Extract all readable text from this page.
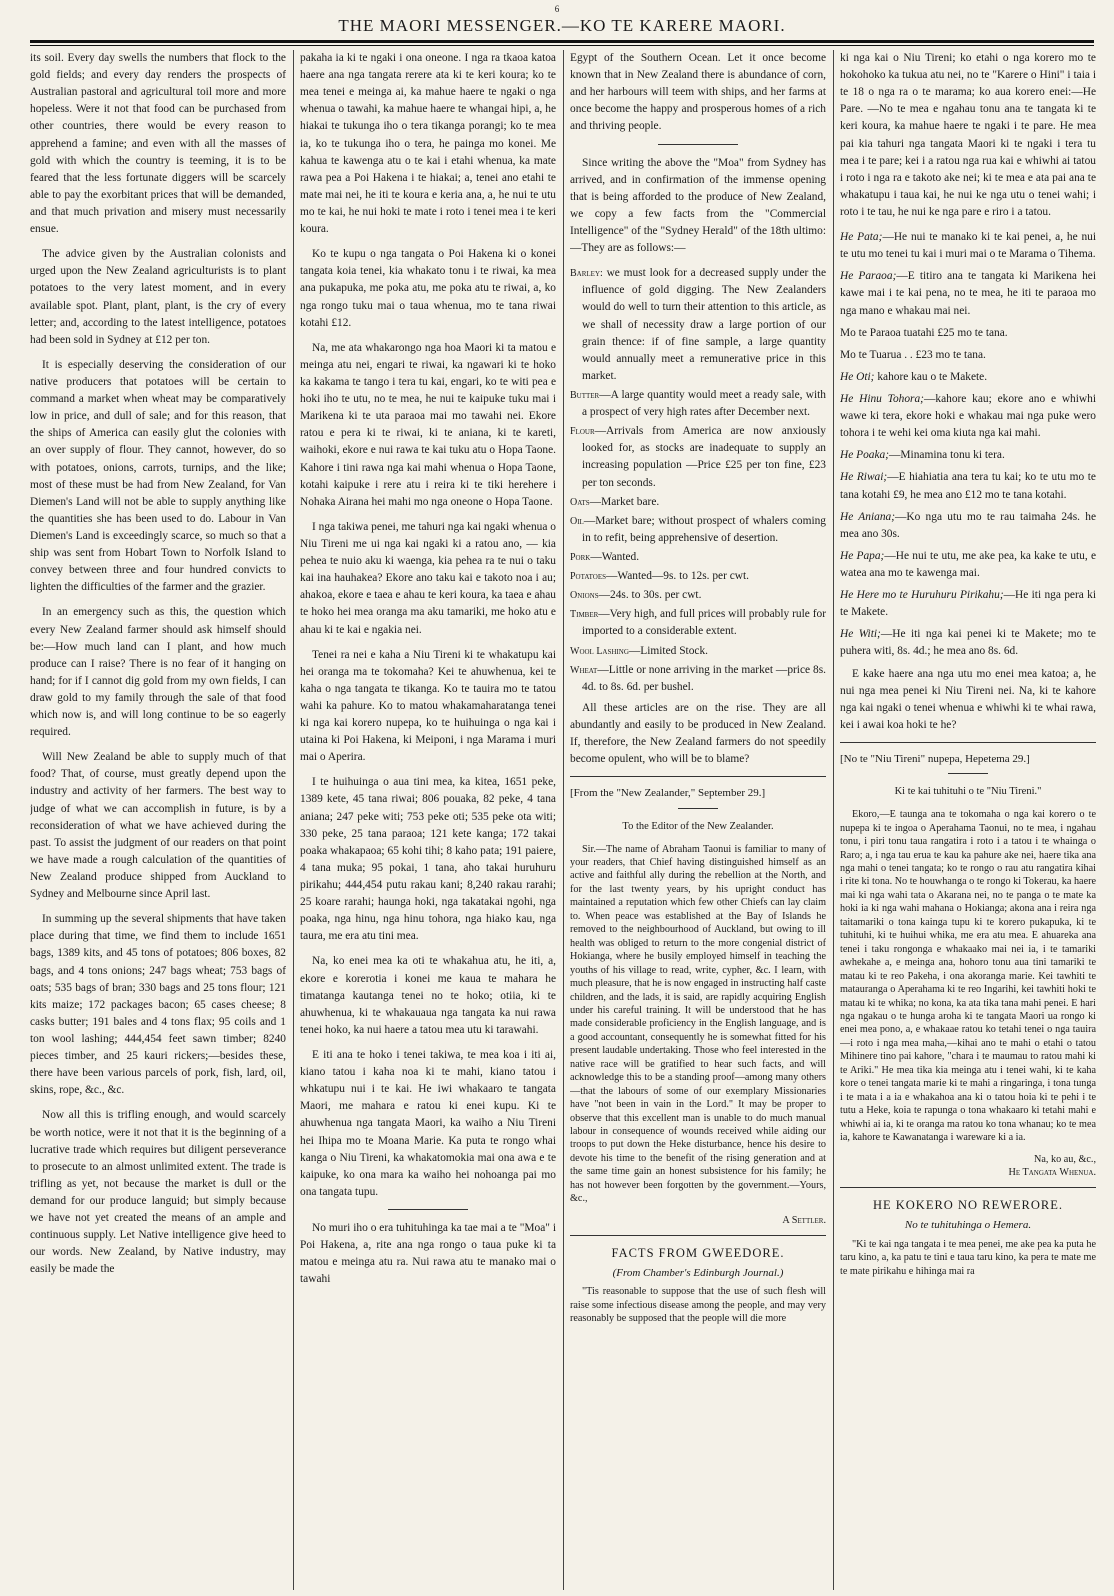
6
THE MAORI MESSENGER.—KO TE KARERE MAORI.

its soil. Every day swells the numbers that flock to the gold fields; and every day renders the prospects of Australian pastoral and agricultural toil more and more hopeless. Were it not that food can be purchased from other countries, there would be every reason to apprehend a famine; and even with all the masses of gold with which the country is teeming, it is to be feared that the less fortunate diggers will be scarcely able to pay the exorbitant prices that will be demanded, and that much privation and misery must necessarily ensue.

The advice given by the Australian colonists and urged upon the New Zealand agriculturists is to plant potatoes to the very latest moment, and in every available spot. Plant, plant, plant, is the cry of every letter; and, according to the latest intelligence, potatoes had been sold in Sydney at £12 per ton.

It is especially deserving the consideration of our native producers that potatoes will be certain to command a market when wheat may be comparatively low in price, and dull of sale; and for this reason, that the ships of America can easily glut the colonies with an over supply of flour. They cannot, however, do so with potatoes, onions, carrots, turnips, and the like; most of these must be had from New Zealand, for Van Diemen's Land will not be able to supply anything like the quantities she has been used to do. Labour in Van Diemen's Land is exceedingly scarce, so much so that a ship was sent from Hobart Town to Norfolk Island to convey between three and four hundred convicts to lighten the difficulties of the farmer and the grazier.

In an emergency such as this, the question which every New Zealand farmer should ask himself should be:—How much land can I plant, and how much produce can I raise? There is no fear of it hanging on hand; for if I cannot dig gold from my own fields, I can draw gold to my family through the sale of that food which now is, and will long continue to be so eagerly required.

Will New Zealand be able to supply much of that food? That, of course, must greatly depend upon the industry and activity of her farmers. The best way to judge of what we can accomplish in future, is by a reconsideration of what we have achieved during the past. To assist the judgment of our readers on that point we have made a rough calculation of the quantities of New Zealand produce shipped from Auckland to Sydney and Melbourne since April last.

In summing up the several shipments that have taken place during that time, we find them to include 1651 bags, 1389 kits, and 45 tons of potatoes; 806 boxes, 82 bags, and 4 tons onions; 247 bags wheat; 753 bags of oats; 535 bags of bran; 330 bags and 25 tons flour; 121 kits maize; 172 packages bacon; 65 cases cheese; 8 casks butter; 191 bales and 4 tons flax; 95 coils and 1 ton wool lashing; 444,454 feet sawn timber; 8240 pieces timber, and 25 kauri rickers;—besides these, there have been various parcels of pork, fish, lard, oil, skins, rope, &c., &c.

Now all this is trifling enough, and would scarcely be worth notice, were it not that it is the beginning of a lucrative trade which requires but diligent perseverance to prosecute to an almost unlimited extent. The trade is trifling as yet, not because the market is dull or the demand for our produce languid; but simply because we have not yet created the means of an ample and continuous supply. Let Native intelligence give heed to our words. New Zealand, by Native industry, may easily be made the

pakaha ia ki te ngaki i ona oneone. I nga ra tkaoa katoa haere ana nga tangata rerere ata ki te keri koura; ko te mea tenei e meinga ai, ka mahue haere te ngaki o nga whenua o tawahi, ka mahue haere te whangai hipi, a, he hiakai te tukunga iho o tera tikanga porangi; ko te mea ia, ko te tukunga iho o tera, he painga mo konei. Me kahua te kawenga atu o te kai i etahi whenua, ka mate rawa pea a Poi Hakena i te hiakai; a, tenei ano etahi te mate mai nei, he iti te koura e keria ana, a, he nui te utu mo te kai, he nui hoki te mate i roto i tenei mea i te keri koura.

Ko te kupu o nga tangata o Poi Hakena ki o konei tangata koia tenei, kia whakato tonu i te riwai, ka mea ana pukapuka, me poka atu, me poka atu te riwai, a, ko nga rongo tuku mai o taua whenua, mo te tana riwai kotahi £12.

Na, me ata whakarongo nga hoa Maori ki ta matou e meinga atu nei, engari te riwai, ka ngawari ki te hoko ka kakama te tango i tera tu kai, engari, ko te witi pea e hoki iho te utu, no te mea, he nui te kaipuke tuku mai i Marikena ki te uta paraoa mai mo tawahi nei. Ekore ratou e pera ki te riwai, ki te aniana, ki te kareti, waihoki, ekore e nui rawa te kai tuku atu o Hopa Taone. Kahore i tini rawa nga kai mahi whenua o Hopa Taone, kotahi kaipuke i rere atu i reira ki te tiki herehere i Nohaka Airana hei mahi mo nga oneone o Hopa Taone.

I nga takiwa penei, me tahuri nga kai ngaki whenua o Niu Tireni me ui nga kai ngaki ki a ratou ano, — kia pehea te nuio aku ki waenga, kia pehea ra te nui o taku kai ina hauhakea? Ekore ano taku kai e takoto noa i au; ahakoa, ekore e taea e ahau te keri koura, ka taea e ahau te hoko hei mea oranga ma aku tamariki, me hoko atu e ahau ki te kai e ngakia nei.

Tenei ra nei e kaha a Niu Tireni ki te whakatupu kai hei oranga ma te tokomaha? Kei te ahuwhenua, kei te kaha o nga tangata te tikanga. Ko te tauira mo te tatou wahi ka pahure. Ko to matou whakamaharatanga tenei ki nga kai korero nupepa, ko te huihuinga o nga kai i utaina ki Poi Hakena, ki Meiponi, i nga Marama i muri mai o Aperira.

I te huihuinga o aua tini mea, ka kitea, 1651 peke, 1389 kete, 45 tana riwai; 806 pouaka, 82 peke, 4 tana aniana; 247 peke witi; 753 peke oti; 535 peke ota witi; 330 peke, 25 tana paraoa; 121 kete kanga; 172 takai poaka whakapaoa; 65 kohi tihi; 8 kaho pata; 191 paiere, 4 tana muka; 95 pokai, 1 tana, aho takai huruhuru pirikahu; 444,454 putu rakau kani; 8,240 rakau rarahi; 25 koare rarahi; haunga hoki, nga takatakai ngohi, nga poaka, nga hinu, nga hinu tohora, nga hiako kau, nga taura, me era atu tini mea.

Na, ko enei mea ka oti te whakahua atu, he iti, a, ekore e korerotia i konei me kaua te mahara he timatanga kautanga tenei no te hoko; otiia, ki te ahuwhenua, ki te whakauaua nga tangata ka nui rawa tenei hoko, ka nui haere a tatou mea utu ki tarawahi.

E iti ana te hoko i tenei takiwa, te mea koa i iti ai, kiano tatou i kaha noa ki te mahi, kiano tatou i whkatupu nui i te kai. He iwi whakaaro te tangata Maori, me mahara e ratou ki enei kupu. Ki te ahuwhenua nga tangata Maori, ka waiho a Niu Tireni hei Ihipa mo te Moana Marie. Ka puta te rongo whai kanga o Niu Tireni, ka whakatomokia mai ona awa e te kaipuke, ko ona mara ka waiho hei nohoanga pai mo ona tangata tupu.

No muri iho o era tuhituhinga ka tae mai a te "Moa" i Poi Hakena, a, rite ana nga rongo o taua puke ki ta matou e meinga atu ra. Nui rawa atu te manako mai o tawahi

Egypt of the Southern Ocean. Let it once become known that in New Zealand there is abundance of corn, and her harbours will teem with ships, and her farms at once become the happy and prosperous homes of a rich and thriving people.

Since writing the above the "Moa" from Sydney has arrived, and in confirmation of the immense opening that is being afforded to the produce of New Zealand, we copy a few facts from the "Commercial Intelligence" of the "Sydney Herald" of the 18th ultimo:—They are as follows:—

Barley: we must look for a decreased supply under the influence of gold digging. The New Zealanders would do well to turn their attention to this article, as we shall of necessity draw a large portion of our grain thence: if of fine sample, a large quantity would annually meet a remunerative price in this market.

Butter—A large quantity would meet a ready sale, with a prospect of very high rates after December next.

Flour—Arrivals from America are now anxiously looked for, as stocks are inadequate to supply an increasing population —Price £25 per ton fine, £23 per ton seconds.

Oats—Market bare.

Oil—Market bare; without prospect of whalers coming in to refit, being apprehensive of desertion.

Pork—Wanted.

Potatoes—Wanted—9s. to 12s. per cwt.

Onions—24s. to 30s. per cwt.

Timber—Very high, and full prices will probably rule for imported to a considerable extent.

Wool Lashing—Limited Stock.

Wheat—Little or none arriving in the market —price 8s. 4d. to 8s. 6d. per bushel.

All these articles are on the rise. They are all abundantly and easily to be produced in New Zealand. If, therefore, the New Zealand farmers do not speedily become opulent, who will be to blame?

[From the "New Zealander," September 29.]

To the Editor of the New Zealander.

Sir.—The name of Abraham Taonui is familiar to many of your readers, that Chief having distinguished himself as an active and faithful ally during the rebellion at the North, and for the last twenty years, by his upright conduct has maintained a reputation which few other Chiefs can lay claim to. When peace was established at the Bay of Islands he removed to the neighbourhood of Auckland, but owing to ill health was obliged to return to the more congenial district of Hokianga, where he busily employed himself in teaching the youths of his village to read, write, cypher, &c. I learn, with much pleasure, that he is now engaged in instructing half caste children, and the lads, it is said, are rapidly acquiring English under his careful training. It will be understood that he has made considerable proficiency in the English language, and is a good accountant, consequently he is somewhat fitted for his present laudable undertaking. Those who feel interested in the native race will be gratified to hear such facts, and will acknowledge this to be a standing proof—among many others—that the labours of some of our exemplary Missionaries have "not been in vain in the Lord." It may be proper to observe that this excellent man is unable to do much manual labour in consequence of wounds received while aiding our troops to put down the Heke disturbance, hence his desire to devote his time to the benefit of the rising generation and at the same time gain an honest subsistence for his family; he has not however been forgotten by the government.—Yours, &c.,

A Settler.

FACTS FROM GWEEDORE.

(From Chamber's Edinburgh Journal.)

"Tis reasonable to suppose that the use of such flesh will raise some infectious disease among the people, and may very reasonably be supposed that the people will die more

ki nga kai o Niu Tireni; ko etahi o nga korero mo te hokohoko ka tukua atu nei, no te "Karere o Hini" i taia i te 18 o nga ra o te marama; ko aua korero enei:—He Pare. —No te mea e ngahau tonu ana te tangata ki te keri koura, ka mahue haere te ngaki i te pare. He mea pai kia tahuri nga tangata Maori ki te ngaki i tera tu mea i te pare; kei i a ratou nga rua kai e whiwhi ai tatou i roto i nga ra e takoto ake nei; ki te mea e ata pai ana te whakatupu i taua kai, he nui ke nga utu o tenei wahi; i roto i te tau, he nui ke nga pare e riro i a tatou.

He Pata;—He nui te manako ki te kai penei, a, he nui te utu mo tenei tu kai i muri mai o te Marama o Tihema.

He Paraoa;—E titiro ana te tangata ki Marikena hei kawe mai i te kai pena, no te mea, he iti te paraoa mo nga mano e whakau mai nei.

Mo te Paraoa tuatahi £25 mo te tana.

Mo te Tuarua . . £23 mo te tana.

He Oti; kahore kau o te Makete.

He Hinu Tohora;—kahore kau; ekore ano e whiwhi wawe ki tera, ekore hoki e whakau mai nga puke wero tohora i te wehi kei oma kiuta nga kai mahi.

He Poaka;—Minamina tonu ki tera.

He Riwai;—E hiahiatia ana tera tu kai; ko te utu mo te tana kotahi £9, he mea ano £12 mo te tana kotahi.

He Aniana;—Ko nga utu mo te rau taimaha 24s. he mea ano 30s.

He Papa;—He nui te utu, me ake pea, ka kake te utu, e watea ana mo te kawenga mai.

He Here mo te Huruhuru Pirikahu;—He iti nga pera ki te Makete.

He Witi;—He iti nga kai penei ki te Makete; mo te puhera witi, 8s. 4d.; he mea ano 8s. 6d.

E kake haere ana nga utu mo enei mea katoa; a, he nui nga mea penei ki Niu Tireni nei. Na, ki te kahore nga kai ngaki o tenei whenua e whiwhi ki te whai rawa, kei i awai koa hoki te he?

[No te "Niu Tireni" nupepa, Hepetema 29.]

Ki te kai tuhituhi o te "Niu Tireni."

Ekoro,—E taunga ana te tokomaha o nga kai korero o te nupepa ki te ingoa o Aperahama Taonui, no te mea, i ngahau tonu, i piri tonu taua rangatira i roto i a tatou i te whainga o Raro; a, i nga tau erua te kau ka pahure ake nei, haere tika ana nga mahi o tenei tangata; ko te rongo o rau atu rangatira kihai i rite ki tona. No te houwhanga o te rongo ki Tokerau, ka haere mai ki nga wahi tata o Akarana nei, no te panga o te mate ka hoki ia ki nga wahi mahana o Hokianga; akona ana i reira nga taitamariki o tona kainga tupu ki te korero pukapuka, ki te tuhituhi, ki te huihui whika, me era atu mea. E ahuareka ana tenei i taku rongonga e whakaako mai nei ia, i te tamariki awhekahe a, e meinga ana, hohoro tonu aua tini tamariki te matau ki te reo Pakeha, i ona akoranga marie. Kei tawhiti te matauranga o Aperahama ki te reo Ingarihi, kei tawhiti hoki te matau ki te whika; no kona, ka ata tika tana mahi penei. E hari nga ngakau o te hunga aroha ki te tangata Maori ua rongo ki enei mea pono, a, e whakaae ratou ko tetahi tenei o nga tauira—i roto i nga mea maha,—kihai ano te mahi o etahi o tatou Mihinere tino pai kahore, "chara i te maumau to ratou mahi ki te Ariki." He mea tika kia meinga atu i tenei wahi, ki te kaha kore o tenei tangata marie ki te mahi a ringaringa, i tona tunga i te mata i a ia e whakahoa ana ki o tatou hoia ki te pehi i te tutu a Heke, koia te rapunga o tona whakaaro ki tetahi mahi e whiwhi ai ia, ki te oranga ma ratou ko tona whanau; ko te mea ia, kahore te Kawanatanga i wareware ki a ia.

Na, ko au, &c.,

He Tangata Whenua.

HE KOKERO NO REWERORE.

No te tuhituhinga o Hemera.

"Ki te kai nga tangata i te mea penei, me ake pea ka puta he taru kino, a, ka patu te tini e taua taru kino, ka pera te mate me te mate pirikahu e hihinga mai ra
